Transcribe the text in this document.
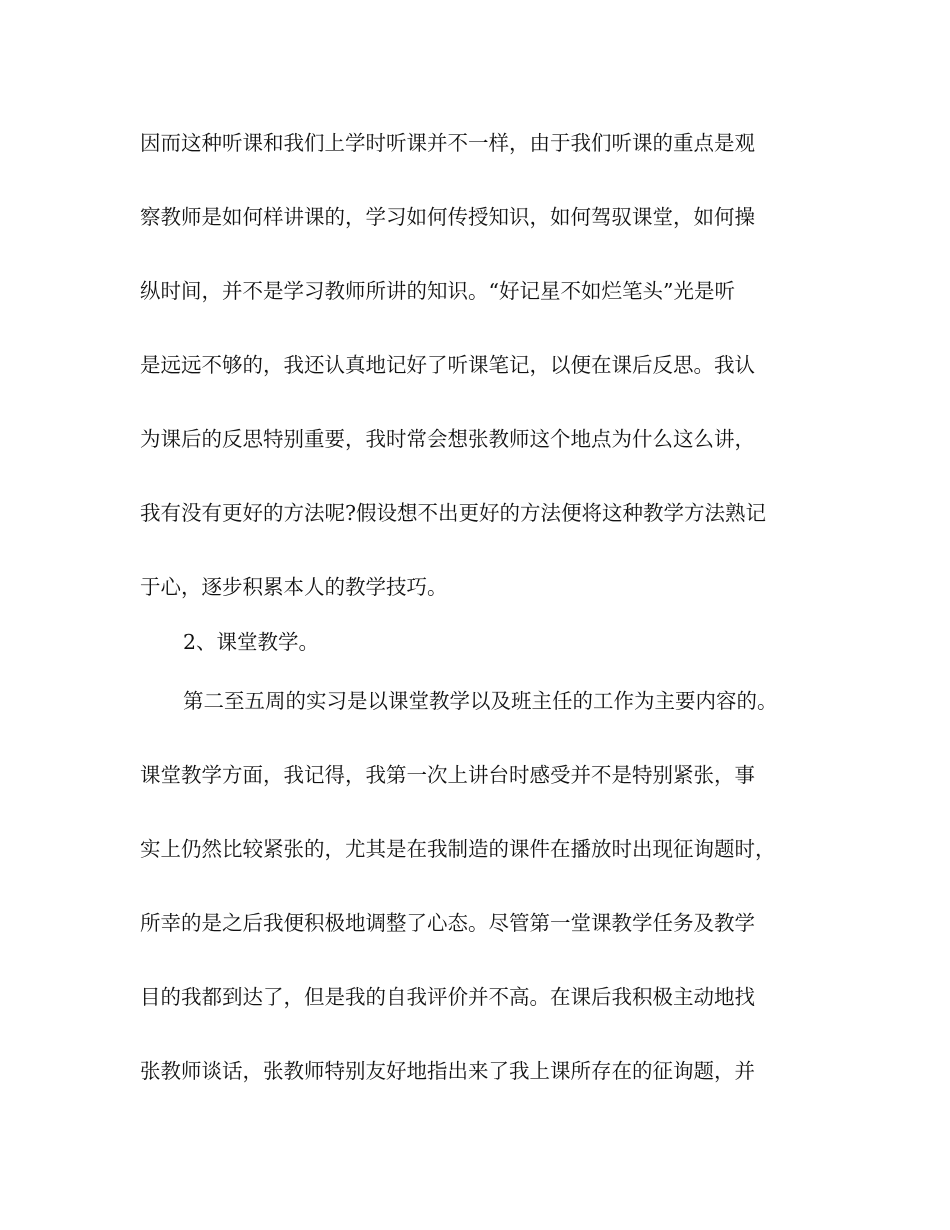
因而这种听课和我们上学时听课并不一样，由于我们听课的重点是观

察教师是如何样讲课的，学习如何传授知识，如何驾驭课堂，如何操

纵时间，并不是学习教师所讲的知识。“好记星不如烂笔头”光是听

是远远不够的，我还认真地记好了听课笔记，以便在课后反思。我认

为课后的反思特别重要，我时常会想张教师这个地点为什么这么讲，

我有没有更好的方法呢?假设想不出更好的方法便将这种教学方法熟记

于心，逐步积累本人的教学技巧。

2、课堂教学。

第二至五周的实习是以课堂教学以及班主任的工作为主要内容的。

课堂教学方面，我记得，我第一次上讲台时感受并不是特别紧张，事

实上仍然比较紧张的，尤其是在我制造的课件在播放时出现征询题时，

所幸的是之后我便积极地调整了心态。尽管第一堂课教学任务及教学

目的我都到达了，但是我的自我评价并不高。在课后我积极主动地找

张教师谈话，张教师特别友好地指出来了我上课所存在的征询题，并
